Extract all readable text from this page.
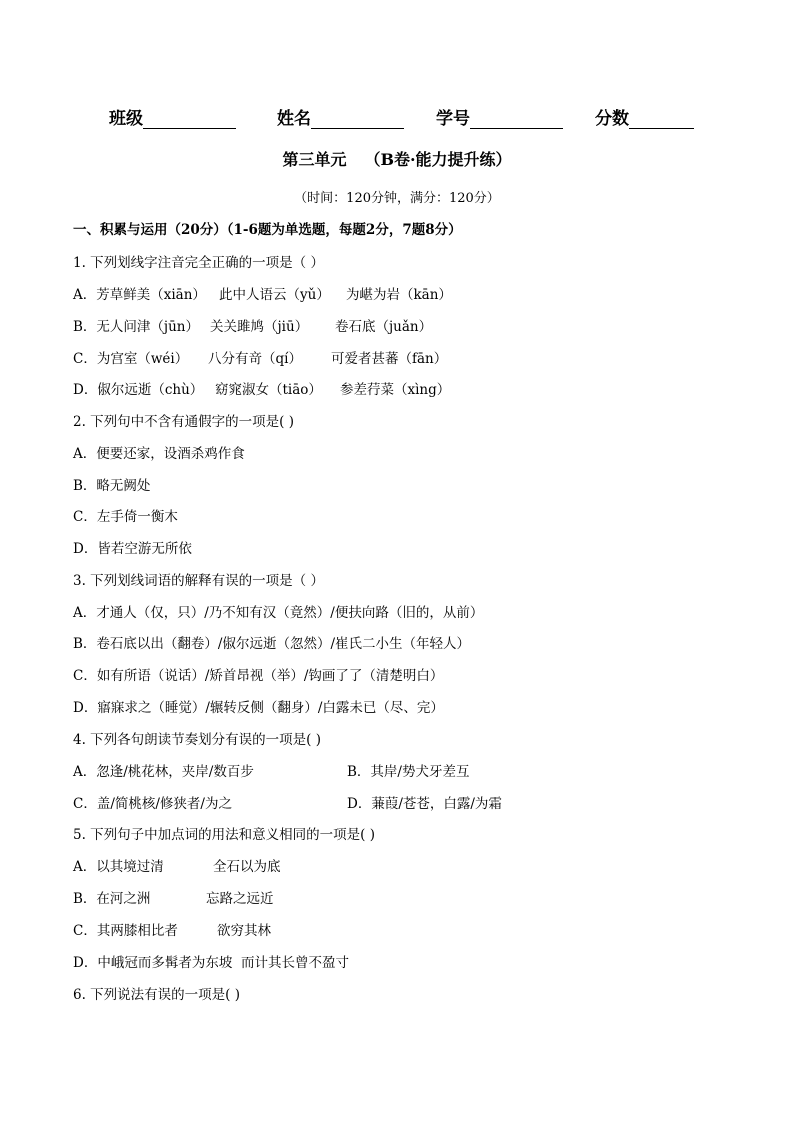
班级	姓名	学号	分数
第三单元 （B卷·能力提升练）
（时间：120分钟，满分：120分）
一、积累与运用（20分）（1-6题为单选题，每题2分，7题8分）
1. 下列划线字注音完全正确的一项是（ ）
A．芳草鲜美（xiān） 此中人语云（yǔ） 为嵁为岩（kān）
B．无人问津（jūn） 关关雎鸠（jiū） 卷石底（juǎn）
C．为宫室（wéi） 八分有竒（qí） 可爱者甚蕃（fān）
D．俶尔远逝（chù） 窈窕淑女（tiāo） 参差荇菜（xìng）
2. 下列句中不含有通假字的一项是( )
A．便要还家，设酒杀鸡作食
B．略无阙处
C．左手倚一衡木
D．皆若空游无所依
3. 下列划线词语的解释有误的一项是（ ）
A．才通人（仅，只）/乃不知有汉（竟然）/便扶向路（旧的，从前）
B．卷石底以出（翻卷）/俶尔远逝（忽然）/崔氏二小生（年轻人）
C．如有所语（说话）/矫首昂视（举）/钩画了了（清楚明白）
D．寤寐求之（睡觉）/辗转反侧（翻身）/白露未已（尽、完）
4. 下列各句朗读节奏划分有误的一项是( )
A．忽逢/桃花林，夹岸/数百步	B．其岸/势犬牙差互
C．盖/简桃核/修狭者/为之	D．蒹葭/苍苍，白露/为霜
5. 下列句子中加点词的用法和意义相同的一项是( )
A．以其境过清	全石以为底
B．在河之洲	忘路之远近
C．其两膝相比者	欲穷其林
D．中峨冠而多髯者为东坡 而计其长曾不盈寸
6. 下列说法有误的一项是( )
